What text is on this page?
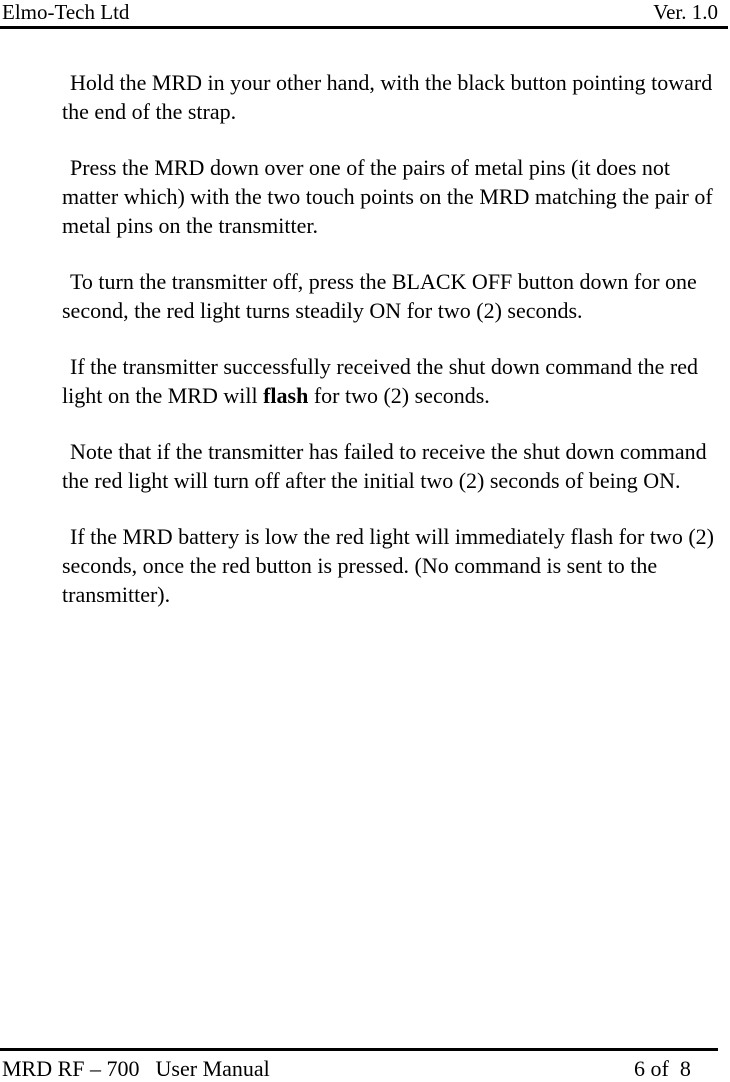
Elmo-Tech Ltd	Ver. 1.0

Hold the MRD in your other hand, with the black button pointing toward the end of the strap.

Press the MRD down over one of the pairs of metal pins (it does not matter which) with the two touch points on the MRD matching the pair of metal pins on the transmitter.

To turn the transmitter off, press the BLACK OFF button down for one second, the red light turns steadily ON for two (2) seconds.

If the transmitter successfully received the shut down command the red light on the MRD will flash for two (2) seconds.

Note that if the transmitter has failed to receive the shut down command the red light will turn off after the initial two (2) seconds of being ON.

If the MRD battery is low the red light will immediately flash for two (2) seconds, once the red button is pressed. (No command is sent to the transmitter).

MRD RF – 700 User Manual	6 of  8
